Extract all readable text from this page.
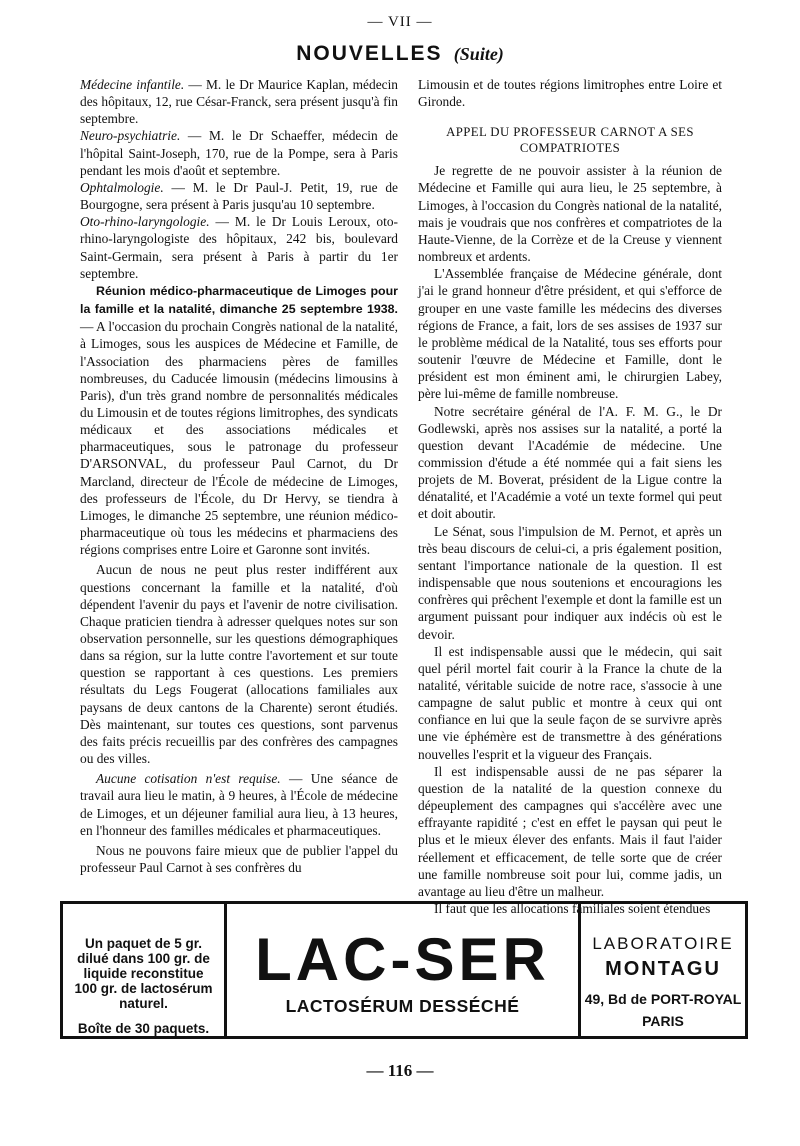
— VII —
NOUVELLES (Suite)

Médecine infantile. — M. le Dr Maurice Kaplan, médecin des hôpitaux, 12, rue César-Franck, sera présent jusqu'à fin septembre.

Neuro-psychiatrie. — M. le Dr Schaeffer, médecin de l'hôpital Saint-Joseph, 170, rue de la Pompe, sera à Paris pendant les mois d'août et septembre.

Ophtalmologie. — M. le Dr Paul-J. Petit, 19, rue de Bourgogne, sera présent à Paris jusqu'au 10 septembre.

Oto-rhino-laryngologie. — M. le Dr Louis Leroux, oto-rhino-laryngologiste des hôpitaux, 242 bis, boulevard Saint-Germain, sera présent à Paris à partir du 1er septembre.

Réunion médico-pharmaceutique de Limoges pour la famille et la natalité, dimanche 25 septembre 1938. — A l'occasion du prochain Congrès national de la natalité, à Limoges, sous les auspices de Médecine et Famille, de l'Association des pharmaciens pères de familles nombreuses, du Caducée limousin (médecins limousins à Paris), d'un très grand nombre de personnalités médicales du Limousin et de toutes régions limitrophes, des syndicats médicaux et des associations médicales et pharmaceutiques, sous le patronage du professeur D'ARSONVAL, du professeur Paul Carnot, du Dr Marcland, directeur de l'École de médecine de Limoges, des professeurs de l'École, du Dr Hervy, se tiendra à Limoges, le dimanche 25 septembre, une réunion médico-pharmaceutique où tous les médecins et pharmaciens des régions comprises entre Loire et Garonne sont invités.

Aucun de nous ne peut plus rester indifférent aux questions concernant la famille et la natalité, d'où dépendent l'avenir du pays et l'avenir de notre civilisation. Chaque praticien tiendra à adresser quelques notes sur son observation personnelle, sur les questions démographiques dans sa région, sur la lutte contre l'avortement et sur toute question se rapportant à ces questions. Les premiers résultats du Legs Fougerat (allocations familiales aux paysans de deux cantons de la Charente) seront étudiés. Dès maintenant, sur toutes ces questions, sont parvenus des faits précis recueillis par des confrères des campagnes ou des villes.

Aucune cotisation n'est requise. — Une séance de travail aura lieu le matin, à 9 heures, à l'École de médecine de Limoges, et un déjeuner familial aura lieu, à 13 heures, en l'honneur des familles médicales et pharmaceutiques.

Nous ne pouvons faire mieux que de publier l'appel du professeur Paul Carnot à ses confrères du

Limousin et de toutes régions limitrophes entre Loire et Gironde.

APPEL DU PROFESSEUR CARNOT A SES COMPATRIOTES

Je regrette de ne pouvoir assister à la réunion de Médecine et Famille qui aura lieu, le 25 septembre, à Limoges, à l'occasion du Congrès national de la natalité, mais je voudrais que nos confrères et compatriotes de la Haute-Vienne, de la Corrèze et de la Creuse y viennent nombreux et ardents.

L'Assemblée française de Médecine générale, dont j'ai le grand honneur d'être président, et qui s'efforce de grouper en une vaste famille les médecins des diverses régions de France, a fait, lors de ses assises de 1937 sur le problème médical de la Natalité, tous ses efforts pour soutenir l'œuvre de Médecine et Famille, dont le président est mon éminent ami, le chirurgien Labey, père lui-même de famille nombreuse.

Notre secrétaire général de l'A. F. M. G., le Dr Godlewski, après nos assises sur la natalité, a porté la question devant l'Académie de médecine. Une commission d'étude a été nommée qui a fait siens les projets de M. Boverat, président de la Ligue contre la dénatalité, et l'Académie a voté un texte formel qui peut et doit aboutir.

Le Sénat, sous l'impulsion de M. Pernot, et après un très beau discours de celui-ci, a pris également position, sentant l'importance nationale de la question. Il est indispensable que nous soutenions et encouragions les confrères qui prêchent l'exemple et dont la famille est un argument puissant pour indiquer aux indécis où est le devoir.

Il est indispensable aussi que le médecin, qui sait quel péril mortel fait courir à la France la chute de la natalité, véritable suicide de notre race, s'associe à une campagne de salut public et montre à ceux qui ont confiance en lui que la seule façon de se survivre après une vie éphémère est de transmettre à des générations nouvelles l'esprit et la vigueur des Français.

Il est indispensable aussi de ne pas séparer la question de la natalité de la question connexe du dépeuplement des campagnes qui s'accélère avec une effrayante rapidité ; c'est en effet le paysan qui peut le plus et le mieux élever des enfants. Mais il faut l'aider réellement et efficacement, de telle sorte que de créer une famille nombreuse soit pour lui, comme jadis, un avantage au lieu d'être un malheur.

Il faut que les allocations familiales soient étendues

Un paquet de 5 gr.
dilué dans 100 gr. de
liquide reconstitue
100 gr. de lactosérum
naturel.
Boîte de 30 paquets.
LAC-SER
LACTOSÉRUM DESSÉCHÉ
LABORATOIRE
MONTAGU
49, Bd de PORT-ROYAL
PARIS
— 116 —
